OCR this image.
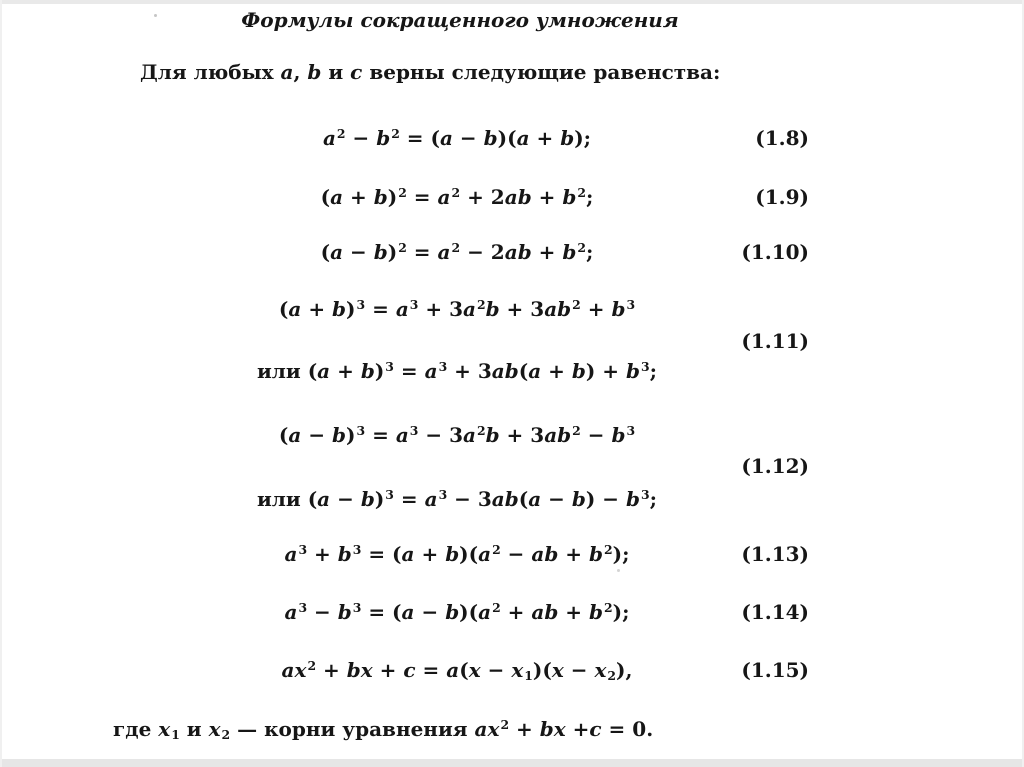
Формулы сокращенного умножения
Для любых a, b и c верны следующие равенства:
$a^2 - b^2 = (a - b)(a + b)$;	(1.8)
$(a + b)^2 = a^2 + 2ab + b^2$;	(1.9)
$(a - b)^2 = a^2 - 2ab + b^2$;	(1.10)
$(a + b)^3 = a^3 + 3a^2b + 3ab^2 + b^3$
или $(a + b)^3 = a^3 + 3ab(a + b) + b^3$;
(1.11)
$(a - b)^3 = a^3 - 3a^2b + 3ab^2 - b^3$
или $(a - b)^3 = a^3 - 3ab(a - b) - b^3$;
(1.12)
$a^3 + b^3 = (a + b)(a^2$ − ab + $b^2$);	(1.13)
$a^3 - b^3 = (a - b)(a^2$ + ab + $b^2$);	(1.14)
$ax^2$ + bx + $c = a(x - x_1)(x - x_2)$,	(1.15)
где $x_1$ и $x_2$ — корни уравнения $ax^2$ + bx +c = 0.
